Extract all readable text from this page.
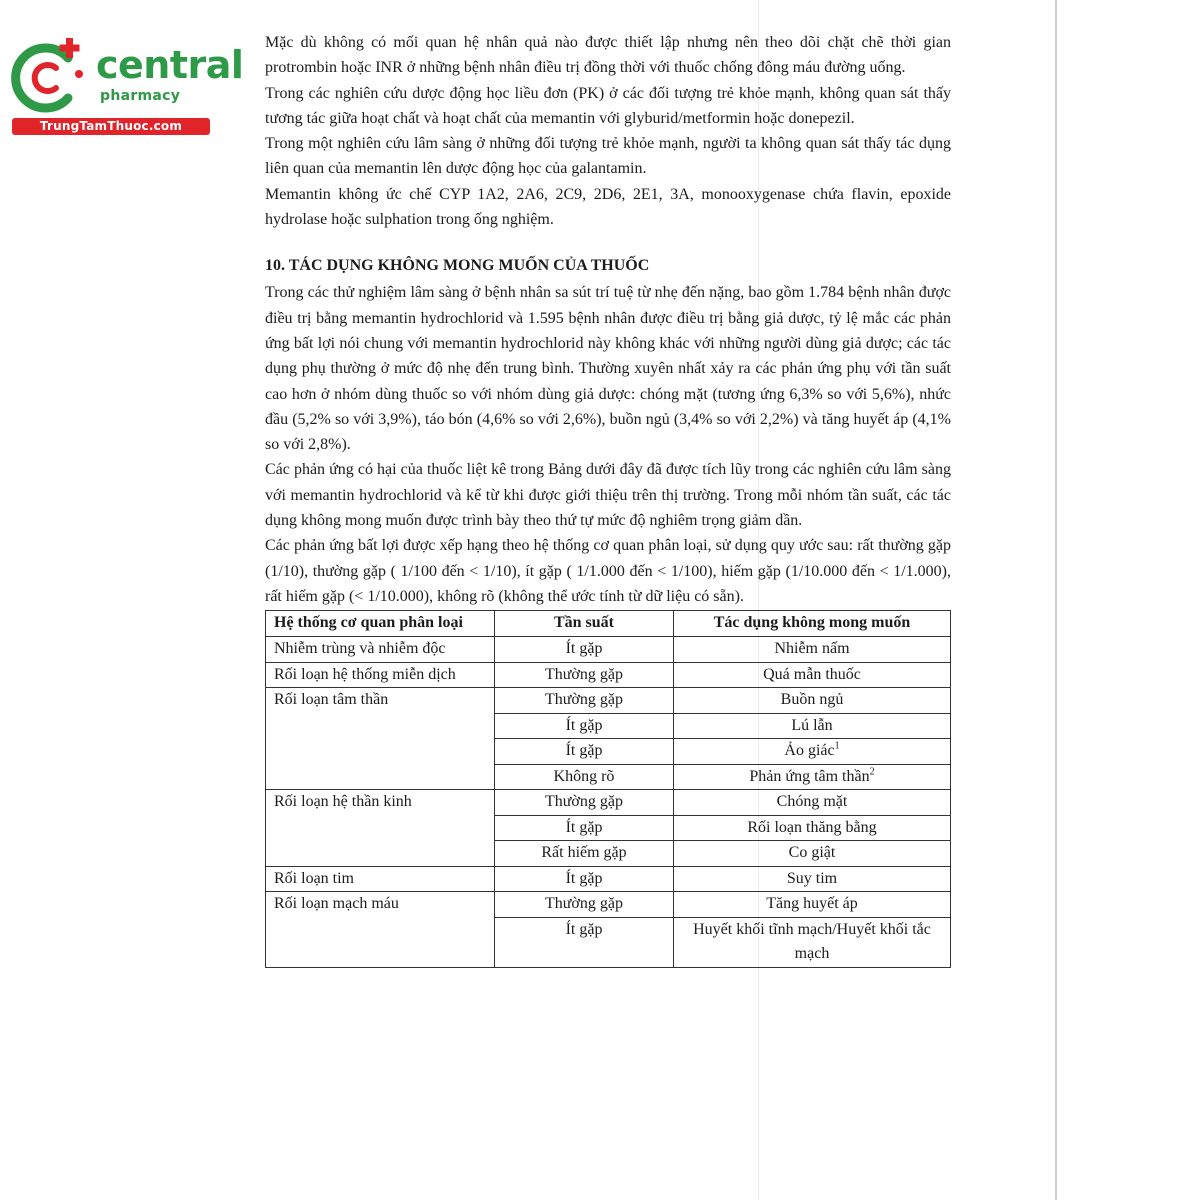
central
pharmacy
TrungTamThuoc.com

Mặc dù không có mối quan hệ nhân quả nào được thiết lập nhưng nên theo dõi chặt chẽ thời gian protrombin hoặc INR ở những bệnh nhân điều trị đồng thời với thuốc chống đông máu đường uống.

Trong các nghiên cứu dược động học liều đơn (PK) ở các đối tượng trẻ khỏe mạnh, không quan sát thấy tương tác giữa hoạt chất và hoạt chất của memantin với glyburid/metformin hoặc donepezil.

Trong một nghiên cứu lâm sàng ở những đối tượng trẻ khỏe mạnh, người ta không quan sát thấy tác dụng liên quan của memantin lên dược động học của galantamin.

Memantin không ức chế CYP 1A2, 2A6, 2C9, 2D6, 2E1, 3A, monooxygenase chứa flavin, epoxide hydrolase hoặc sulphation trong ống nghiệm.

10. TÁC DỤNG KHÔNG MONG MUỐN CỦA THUỐC

Trong các thử nghiệm lâm sàng ở bệnh nhân sa sút trí tuệ từ nhẹ đến nặng, bao gồm 1.784 bệnh nhân được điều trị bằng memantin hydrochlorid và 1.595 bệnh nhân được điều trị bằng giả dược, tỷ lệ mắc các phản ứng bất lợi nói chung với memantin hydrochlorid này không khác với những người dùng giả dược; các tác dụng phụ thường ở mức độ nhẹ đến trung bình. Thường xuyên nhất xảy ra các phản ứng phụ với tần suất cao hơn ở nhóm dùng thuốc so với nhóm dùng giả dược: chóng mặt (tương ứng 6,3% so với 5,6%), nhức đầu (5,2% so với 3,9%), táo bón (4,6% so với 2,6%), buồn ngủ (3,4% so với 2,2%) và tăng huyết áp (4,1% so với 2,8%).

Các phản ứng có hại của thuốc liệt kê trong Bảng dưới đây đã được tích lũy trong các nghiên cứu lâm sàng với memantin hydrochlorid và kể từ khi được giới thiệu trên thị trường. Trong mỗi nhóm tần suất, các tác dụng không mong muốn được trình bày theo thứ tự mức độ nghiêm trọng giảm dần.

Các phản ứng bất lợi được xếp hạng theo hệ thống cơ quan phân loại, sử dụng quy ước sau: rất thường gặp (1/10), thường gặp ( 1/100 đến < 1/10), ít gặp ( 1/1.000 đến < 1/100), hiếm gặp (1/10.000 đến < 1/1.000), rất hiếm gặp (< 1/10.000), không rõ (không thể ước tính từ dữ liệu có sẵn).

Hệ thống cơ quan phân loại	Tần suất	Tác dụng không mong muốn
Nhiễm trùng và nhiễm độc	Ít gặp	Nhiễm nấm
Rối loạn hệ thống miễn dịch	Thường gặp	Quá mẫn thuốc
Rối loạn tâm thần	Thường gặp	Buồn ngủ
	Ít gặp	Lú lẫn
	Ít gặp	Ảo giác$^1$
	Không rõ	Phản ứng tâm thần$^2$
Rối loạn hệ thần kinh	Thường gặp	Chóng mặt
	Ít gặp	Rối loạn thăng bằng
	Rất hiếm gặp	Co giật
Rối loạn tim	Ít gặp	Suy tim
Rối loạn mạch máu	Thường gặp	Tăng huyết áp
	Ít gặp	Huyết khối tĩnh mạch/Huyết khối tắc mạch
